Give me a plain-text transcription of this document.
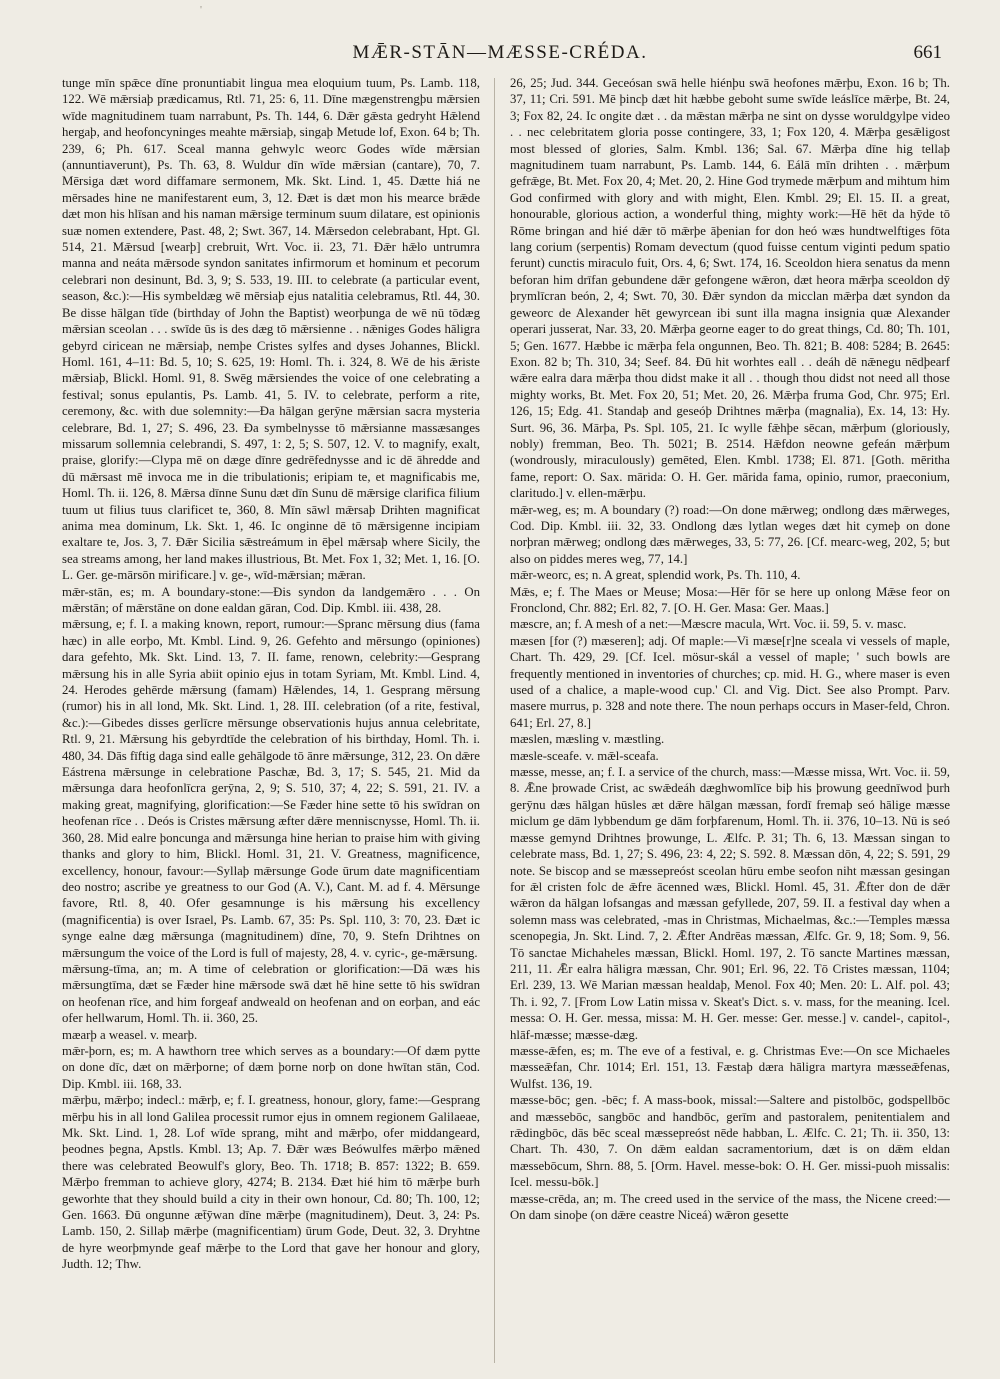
'
MǢR-STĀN—MÆSSE-CRÉDA.	661

tunge mīn spǣce dīne pronuntiabit lingua mea eloquium tuum, Ps. Lamb. 118, 122. Wē mǣrsiaþ prædicamus, Rtl. 71, 25: 6, 11. Dīne mægenstrengþu mǣrsien wīde magnitudinem tuam narrabunt, Ps. Th. 144, 6. Dǣr gǣsta gedryht Hǣlend hergaþ, and heofoncyninges meahte mǣrsiaþ, singaþ Metude lof, Exon. 64 b; Th. 239, 6; Ph. 617. Sceal manna gehwylc weorc Godes wīde mǣrsian (annuntiaverunt), Ps. Th. 63, 8. Wuldur dīn wīde mǣrsian (cantare), 70, 7. Mērsiga dæt word diffamare sermonem, Mk. Skt. Lind. 1, 45. Dætte hiá ne mērsades hine ne manifestarent eum, 3, 12. Ðæt is dæt mon his mearce brǣde dæt mon his hlīsan and his naman mǣrsige terminum suum dilatare, est opinionis suæ nomen extendere, Past. 48, 2; Swt. 367, 14. Mǣrsedon celebrabant, Hpt. Gl. 514, 21. Mǣrsud [wearþ] crebruit, Wrt. Voc. ii. 23, 71. Ðǣr hǣlo untrumra manna and neáta mǣrsode syndon sanitates infirmorum et hominum et pecorum celebrari non desinunt, Bd. 3, 9; S. 533, 19. III. to celebrate (a particular event, season, &c.):—His symbeldæg wē mērsiaþ ejus natalitia celebramus, Rtl. 44, 30. Be disse hālgan tīde (birthday of John the Baptist) weorþunga de wē nū tōdæg mǣrsian sceolan . . . swīde ūs is des dæg tō mǣrsienne . . nǣniges Godes hāligra gebyrd ciricean ne mǣrsiaþ, nemþe Cristes sylfes and dyses Johannes, Blickl. Homl. 161, 4–11: Bd. 5, 10; S. 625, 19: Homl. Th. i. 324, 8. Wē de his ǣriste mǣrsiaþ, Blickl. Homl. 91, 8. Swēg mǣrsiendes the voice of one celebrating a festival; sonus epulantis, Ps. Lamb. 41, 5. IV. to celebrate, perform a rite, ceremony, &c. with due solemnity:—Ða hālgan gerȳne mǣrsian sacra mysteria celebrare, Bd. 1, 27; S. 496, 23. Ða symbelnysse tō mǣrsianne massæsanges missarum sollemnia celebrandi, S. 497, 1: 2, 5; S. 507, 12. V. to magnify, exalt, praise, glorify:—Clypa mē on dæge dīnre gedrēfednysse and ic dē āhredde and dū mǣrsast mē invoca me in die tribulationis; eripiam te, et magnificabis me, Homl. Th. ii. 126, 8. Mǣrsa dīnne Sunu dæt dīn Sunu dē mǣrsige clarifica filium tuum ut filius tuus clarificet te, 360, 8. Mīn sāwl mǣrsaþ Drihten magnificat anima mea dominum, Lk. Skt. 1, 46. Ic onginne dē tō mǣrsigenne incipiam exaltare te, Jos. 3, 7. Ðǣr Sicilia sǣstreámum in ēþel mǣrsaþ where Sicily, the sea streams among, her land makes illustrious, Bt. Met. Fox 1, 32; Met. 1, 16. [O. L. Ger. ge-mārsōn mirificare.] v. ge-, wīd-mǣrsian; mǣran.

mǣr-stān, es; m. A boundary-stone:—Ðis syndon da landgemǣro . . . On mǣrstān; of mǣrstāne on done ealdan gāran, Cod. Dip. Kmbl. iii. 438, 28.

mǣrsung, e; f. I. a making known, report, rumour:—Spranc mērsung dius (fama hæc) in alle eorþo, Mt. Kmbl. Lind. 9, 26. Gefehto and mērsungo (opiniones) dara gefehto, Mk. Skt. Lind. 13, 7. II. fame, renown, celebrity:—Gesprang mǣrsung his in alle Syria abiit opinio ejus in totam Syriam, Mt. Kmbl. Lind. 4, 24. Herodes gehērde mǣrsung (famam) Hǣlendes, 14, 1. Gesprang mērsung (rumor) his in all lond, Mk. Skt. Lind. 1, 28. III. celebration (of a rite, festival, &c.):—Gibedes disses gerlīcre mērsunge observationis hujus annua celebritate, Rtl. 9, 21. Mǣrsung his gebyrdtīde the celebration of his birthday, Homl. Th. i. 480, 34. Dās fīftig daga sind ealle gehālgode tō ānre mǣrsunge, 312, 23. On dǣre Eástrena mǣrsunge in celebratione Paschæ, Bd. 3, 17; S. 545, 21. Mid da mǣrsunga dara heofonlīcra gerȳna, 2, 9; S. 510, 37; 4, 22; S. 591, 21. IV. a making great, magnifying, glorification:—Se Fæder hine sette tō his swīdran on heofenan rīce . . Deós is Cristes mǣrsung æfter dǣre menniscnysse, Homl. Th. ii. 360, 28. Mid ealre þoncunga and mǣrsunga hine herian to praise him with giving thanks and glory to him, Blickl. Homl. 31, 21. V. Greatness, magnificence, excellency, honour, favour:—Syllaþ mǣrsunge Gode ūrum date magnificentiam deo nostro; ascribe ye greatness to our God (A. V.), Cant. M. ad f. 4. Mērsunge favore, Rtl. 8, 40. Ofer gesamnunge is his mǣrsung his excellency (magnificentia) is over Israel, Ps. Lamb. 67, 35: Ps. Spl. 110, 3: 70, 23. Ðæt ic synge ealne dæg mǣrsunga (magnitudinem) dīne, 70, 9. Stefn Drihtnes on mǣrsungum the voice of the Lord is full of majesty, 28, 4. v. cyric-, ge-mǣrsung.

mǣrsung-tīma, an; m. A time of celebration or glorification:—Dā wæs his mǣrsungtīma, dæt se Fæder hine mǣrsode swā dæt hē hine sette tō his swīdran on heofenan rīce, and him forgeaf andweald on heofenan and on eorþan, and eác ofer hellwarum, Homl. Th. ii. 360, 25.

mæarþ a weasel. v. mearþ.

mǣr-þorn, es; m. A hawthorn tree which serves as a boundary:—Of dæm pytte on done dīc, dæt on mǣrþorne; of dæm þorne norþ on done hwītan stān, Cod. Dip. Kmbl. iii. 168, 33.

mǣrþu, mǣrþo; indecl.: mǣrþ, e; f. I. greatness, honour, glory, fame:—Gesprang mērþu his in all lond Galilea processit rumor ejus in omnem regionem Galilaeae, Mk. Skt. Lind. 1, 28. Lof wīde sprang, miht and mǣrþo, ofer middangeard, þeodnes þegna, Apstls. Kmbl. 13; Ap. 7. Ðǣr wæs Beówulfes mǣrþo mǣned there was celebrated Beowulf's glory, Beo. Th. 1718; B. 857: 1322; B. 659. Mǣrþo fremman to achieve glory, 4274; B. 2134. Ðæt hié him tō mǣrþe burh geworhte that they should build a city in their own honour, Cd. 80; Th. 100, 12; Gen. 1663. Ðū ongunne æt̄ȳwan dīne mǣrþe (magnitudinem), Deut. 3, 24: Ps. Lamb. 150, 2. Sillaþ mǣrþe (magnificentiam) ūrum Gode, Deut. 32, 3. Dryhtne de hyre weorþmynde geaf mǣrþe to the Lord that gave her honour and glory, Judth. 12; Thw.

26, 25; Jud. 344. Geceósan swā helle hiénþu swā heofones mǣrþu, Exon. 16 b; Th. 37, 11; Cri. 591. Mē þincþ dæt hit hæbbe geboht sume swīde leáslīce mǣrþe, Bt. 24, 3; Fox 82, 24. Ic ongite dæt . . da mǣstan mǣrþa ne sint on dysse woruldgylpe video . . nec celebritatem gloria posse contingere, 33, 1; Fox 120, 4. Mǣrþa gesǣligost most blessed of glories, Salm. Kmbl. 136; Sal. 67. Mǣrþa dīne hig tellaþ magnitudinem tuam narrabunt, Ps. Lamb. 144, 6. Eálā mīn drihten . . mǣrþum gefrǣge, Bt. Met. Fox 20, 4; Met. 20, 2. Hine God trymede mǣrþum and mihtum him God confirmed with glory and with might, Elen. Kmbl. 29; El. 15. II. a great, honourable, glorious action, a wonderful thing, mighty work:—Hē hēt da hȳde tō Rōme bringan and hié dǣr tō mǣrþe āþenian for don heó wæs hundtwelftiges fōta lang corium (serpentis) Romam devectum (quod fuisse centum viginti pedum spatio ferunt) cunctis miraculo fuit, Ors. 4, 6; Swt. 174, 16. Sceoldon hiera senatus da menn beforan him drīfan gebundene dǣr gefongene wǣron, dæt heora mǣrþa sceoldon dȳ þrymlīcran beón, 2, 4; Swt. 70, 30. Ðǣr syndon da micclan mǣrþa dæt syndon da geweorc de Alexander hēt gewyrcean ibi sunt illa magna insignia quæ Alexander operari jusserat, Nar. 33, 20. Mǣrþa georne eager to do great things, Cd. 80; Th. 101, 5; Gen. 1677. Hæbbe ic mǣrþa fela ongunnen, Beo. Th. 821; B. 408: 5284; B. 2645: Exon. 82 b; Th. 310, 34; Seef. 84. Ðū hit worhtes eall . . deáh dē nǣnegu nēdþearf wǣre ealra dara mǣrþa thou didst make it all . . though thou didst not need all those mighty works, Bt. Met. Fox 20, 51; Met. 20, 26. Mǣrþa fruma God, Chr. 975; Erl. 126, 15; Edg. 41. Standaþ and geseóþ Drihtnes mǣrþa (magnalia), Ex. 14, 13: Hy. Surt. 96, 36. Mārþa, Ps. Spl. 105, 21. Ic wylle fǣhþe sēcan, mǣrþum (gloriously, nobly) fremman, Beo. Th. 5021; B. 2514. Hǣfdon neowne gefeán mǣrþum (wondrously, miraculously) gemēted, Elen. Kmbl. 1738; El. 871. [Goth. mēritha fame, report: O. Sax. mārida: O. H. Ger. mārida fama, opinio, rumor, praeconium, claritudo.] v. ellen-mǣrþu.

mǣr-weg, es; m. A boundary (?) road:—On done mǣrweg; ondlong dæs mǣrweges, Cod. Dip. Kmbl. iii. 32, 33. Ondlong dæs lytlan weges dæt hit cymeþ on done norþran mǣrweg; ondlong dæs mǣrweges, 33, 5: 77, 26. [Cf. mearc-weg, 202, 5; but also on piddes meres weg, 77, 14.]

mǣr-weorc, es; n. A great, splendid work, Ps. Th. 110, 4.

Mǣs, e; f. The Maes or Meuse; Mosa:—Hēr fōr se here up onlong Mǣse feor on Fronclond, Chr. 882; Erl. 82, 7. [O. H. Ger. Masa: Ger. Maas.]

mæscre, an; f. A mesh of a net:—Mæscre macula, Wrt. Voc. ii. 59, 5. v. masc.

mæsen [for (?) mæseren]; adj. Of maple:—Vi mæse[r]ne sceala vi vessels of maple, Chart. Th. 429, 29. [Cf. Icel. mösur-skál a vessel of maple; ' such bowls are frequently mentioned in inventories of churches; cp. mid. H. G., where maser is even used of a chalice, a maple-wood cup.' Cl. and Vig. Dict. See also Prompt. Parv. masere murrus, p. 328 and note there. The noun perhaps occurs in Maser-feld, Chron. 641; Erl. 27, 8.]

mæslen, mæsling v. mæstling.

mæsle-sceafe. v. mǣl-sceafa.

mæsse, messe, an; f. I. a service of the church, mass:—Mæsse missa, Wrt. Voc. ii. 59, 8. Ǣne þrowade Crist, ac swǣdeáh dæghwomlīce biþ his þrowung geednīwod þurh gerȳnu dæs hālgan hūsles æt dǣre hālgan mæssan, fordī fremaþ seó hālige mæsse miclum ge dām lybbendum ge dām forþfarenum, Homl. Th. ii. 376, 10–13. Nū is seó mæsse gemynd Drihtnes þrowunge, L. Ælfc. P. 31; Th. 6, 13. Mæssan singan to celebrate mass, Bd. 1, 27; S. 496, 23: 4, 22; S. 592. 8. Mæssan dōn, 4, 22; S. 591, 29 note. Se biscop and se mæssepreóst sceolan hūru embe seofon niht mæssan gesingan for ǣl cristen folc de ǣfre ācenned wæs, Blickl. Homl. 45, 31. Ǣfter don de dǣr wǣron da hālgan lofsangas and mæssan gefyllede, 207, 59. II. a festival day when a solemn mass was celebrated, -mas in Christmas, Michaelmas, &c.:—Temples mæssa scenopegia, Jn. Skt. Lind. 7, 2. Ǣfter Andrēas mæssan, Ælfc. Gr. 9, 18; Som. 9, 56. Tō sanctae Michaheles mæssan, Blickl. Homl. 197, 2. Tō sancte Martines mæssan, 211, 11. Ǣr ealra hāligra mæssan, Chr. 901; Erl. 96, 22. Tō Cristes mæssan, 1104; Erl. 239, 13. Wē Marian mæssan healdaþ, Menol. Fox 40; Men. 20: L. Alf. pol. 43; Th. i. 92, 7. [From Low Latin missa v. Skeat's Dict. s. v. mass, for the meaning. Icel. messa: O. H. Ger. messa, missa: M. H. Ger. messe: Ger. messe.] v. candel-, capitol-, hlāf-mæsse; mæsse-dæg.

mæsse-ǣfen, es; m. The eve of a festival, e. g. Christmas Eve:—On sce Michaeles mæsseǣfan, Chr. 1014; Erl. 151, 13. Fæstaþ dæra hāligra martyra mæsseǣfenas, Wulfst. 136, 19.

mæsse-bōc; gen. -bēc; f. A mass-book, missal:—Saltere and pistolbōc, godspellbōc and mæssebōc, sangbōc and handbōc, gerīm and pastoralem, penitentialem and rǣdingbōc, dās bēc sceal mæssepreóst nēde habban, L. Ælfc. C. 21; Th. ii. 350, 13: Chart. Th. 430, 7. On dǣm ealdan sacramentorium, dæt is on dǣm eldan mæssebōcum, Shrn. 88, 5. [Orm. Havel. messe-bok: O. H. Ger. missi-puoh missalis: Icel. messu-bōk.]

mæsse-crēda, an; m. The creed used in the service of the mass, the Nicene creed:—On dam sinoþe (on dǣre ceastre Niceá) wǣron gesette
